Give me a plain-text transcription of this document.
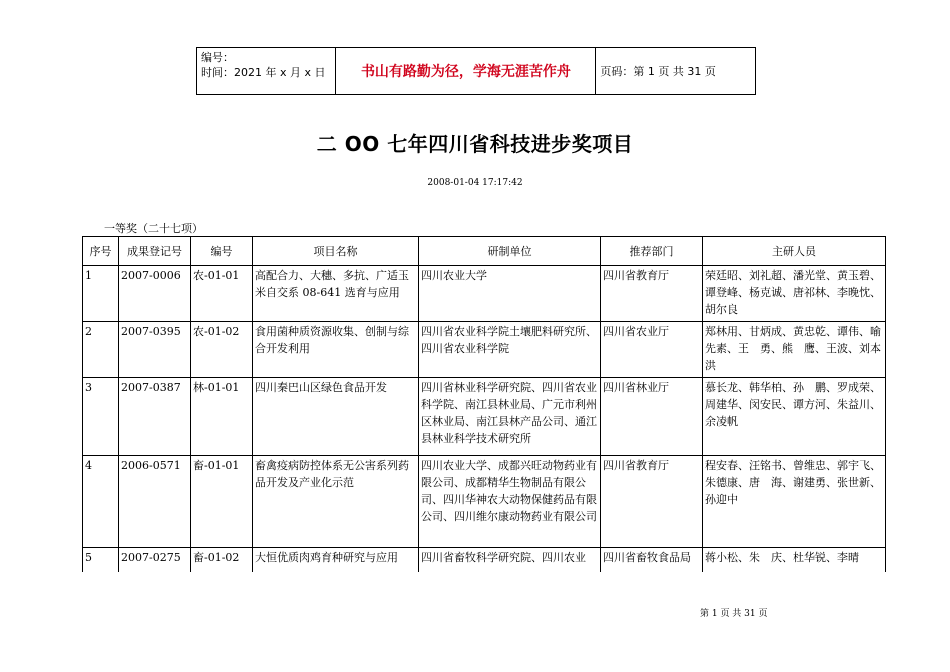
编号：
时间：2021 年 x 月 x 日	书山有路勤为径，学海无涯苦作舟	页码：第 1 页 共 31 页
二 OO 七年四川省科技进步奖项目
2008-01-04 17:17:42
一等奖（二十七项）
序号	成果登记号	编号	项目名称	研制单位	推荐部门	主研人员
1	2007-0006	农-01-01	高配合力、大穗、多抗、广适玉米自交系 08-641 选育与应用	四川农业大学	四川省教育厅	荣廷昭、刘礼超、潘光堂、黄玉碧、谭登峰、杨克诚、唐祁林、李晚忱、胡尔良
2	2007-0395	农-01-02	食用菌种质资源收集、创制与综合开发利用	四川省农业科学院土壤肥料研究所、四川省农业科学院	四川省农业厅	郑林用、甘炳成、黄忠乾、谭伟、喻先素、王　勇、熊　鹰、王波、刘本洪
3	2007-0387	林-01-01	四川秦巴山区绿色食品开发	四川省林业科学研究院、四川省农业科学院、南江县林业局、广元市利州区林业局、南江县林产品公司、通江县林业科学技术研究所	四川省林业厅	慕长龙、韩华柏、孙　鹏、罗成荣、周建华、闵安民、谭方河、朱益川、余凌帆
4	2006-0571	畜-01-01	畜禽疫病防控体系无公害系列药品开发及产业化示范	四川农业大学、成都兴旺动物药业有限公司、成都精华生物制品有限公司、四川华神农大动物保健药品有限公司、四川维尔康动物药业有限公司	四川省教育厅	程安春、汪铭书、曾维忠、郭宇飞、朱德康、唐　海、谢建勇、张世新、孙迎中
5	2007-0275	畜-01-02	大恒优质肉鸡育种研究与应用	四川省畜牧科学研究院、四川农业	四川省畜牧食品局	蒋小松、朱　庆、杜华锐、李晴
第 1 页 共 31 页
